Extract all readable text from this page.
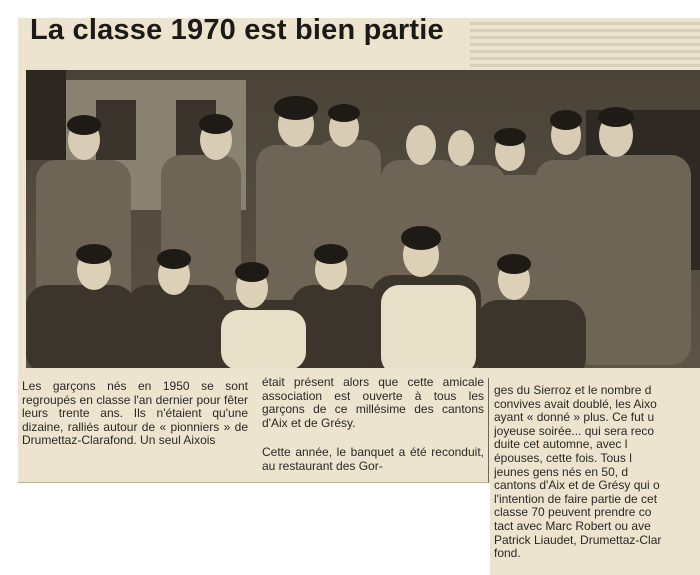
La classe 1970 est bien partie

Les garçons nés en 1950 se sont regroupés en classe l'an dernier pour fêter leurs trente ans. Ils n'étaient qu'une dizaine, ralliés autour de « pionniers » de Drumettaz-Clarafond. Un seul Aixois

était présent alors que cette amicale association est ouverte à tous les garçons de ce millésime des cantons d'Aix et de Grésy.

Cette année, le banquet a été reconduit, au restaurant des Gor-

ges du Sierroz et le nombre d
convives avait doublé, les Aixo
ayant « donné » plus. Ce fut u
joyeuse soirée... qui sera reco
duite cet automne, avec l
épouses, cette fois. Tous l
jeunes gens nés en 50, d
cantons d'Aix et de Grésy qui o
l'intention de faire partie de cet
classe 70 peuvent prendre co
tact avec Marc Robert ou ave
Patrick Liaudet, Drumettaz-Clar
fond.
